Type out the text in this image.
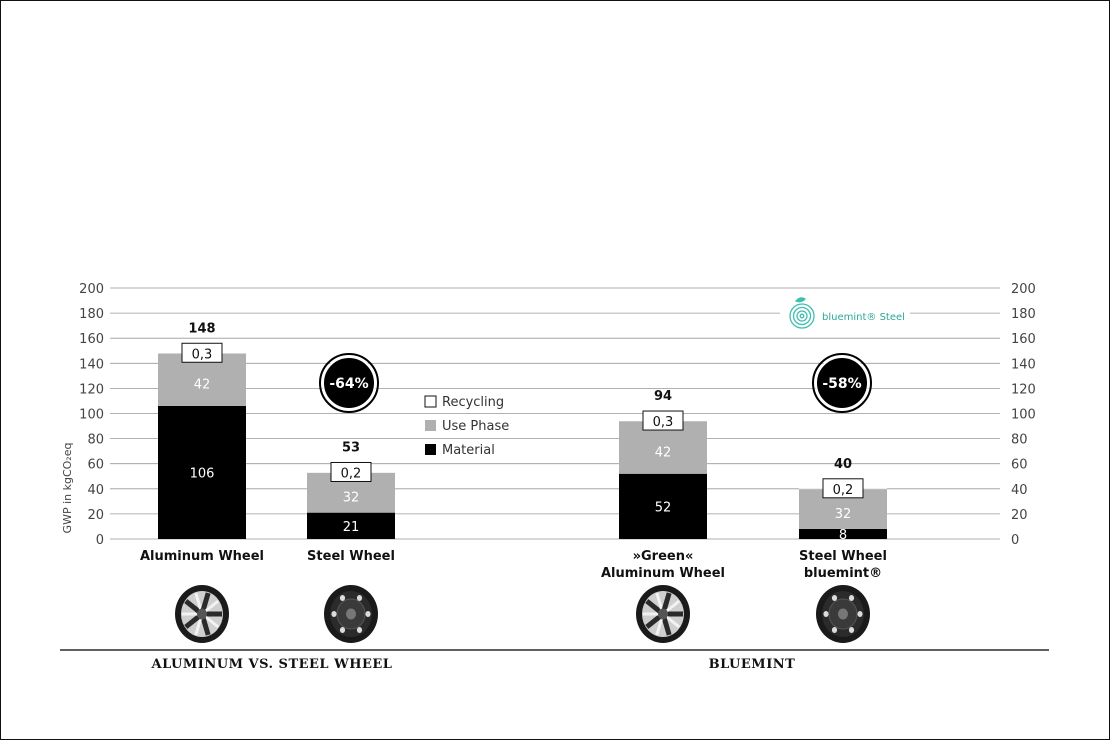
0
20
40
60
80
100
120
140
160
180
200
0
20
40
60
80
100
120
140
160
180
200
GWP in kgCO₂eq	106
42
0,3
148
21
32
0,2
53
52
42
0,3
94
8
32
0,2
40
Recycling
Use Phase
Material
-64%	-58%
bluemint® Steel
Aluminum Wheel	Steel Wheel	»Green«
Aluminum Wheel
Steel Wheel
bluemint®
ALUMINUM VS. STEEL WHEEL	BLUEMINT
